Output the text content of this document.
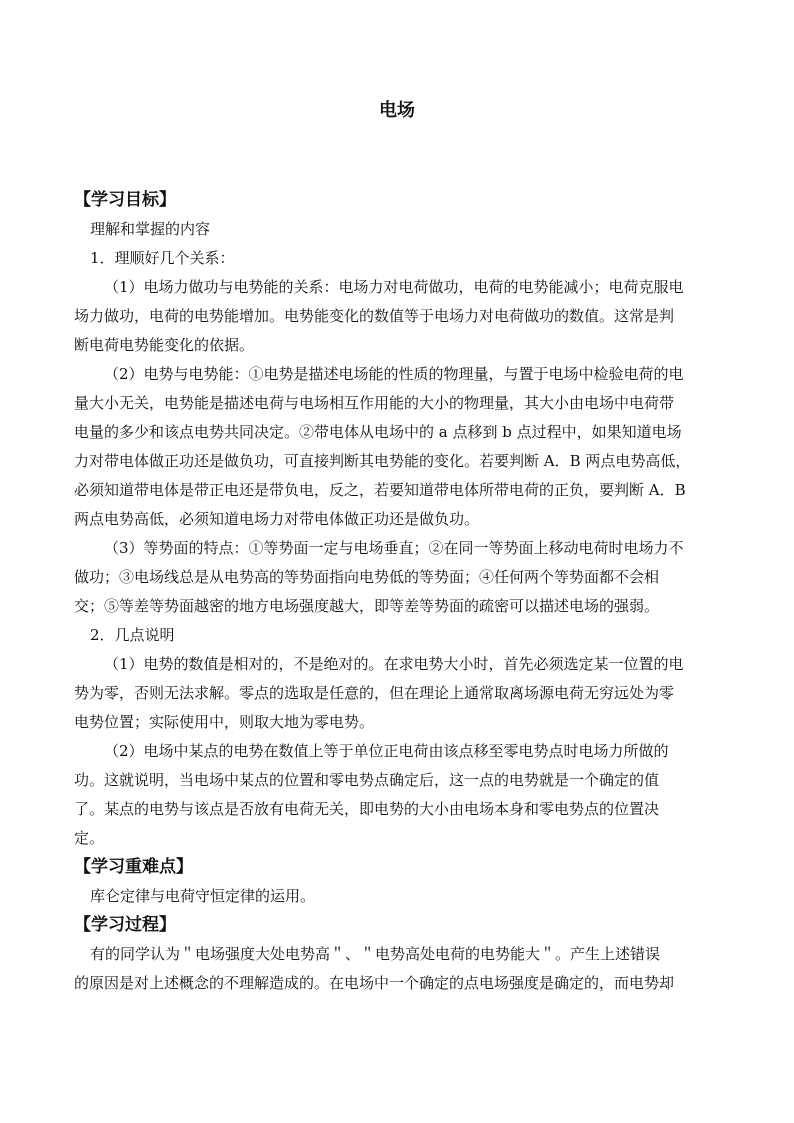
电场

【学习目标】

理解和掌握的内容

1．理顺好几个关系：

（1）电场力做功与电势能的关系：电场力对电荷做功，电荷的电势能减小；电荷克服电

场力做功，电荷的电势能增加。电势能变化的数值等于电场力对电荷做功的数值。这常是判

断电荷电势能变化的依据。

（2）电势与电势能：①电势是描述电场能的性质的物理量，与置于电场中检验电荷的电

量大小无关，电势能是描述电荷与电场相互作用能的大小的物理量，其大小由电场中电荷带

电量的多少和该点电势共同决定。②带电体从电场中的 a 点移到 b 点过程中，如果知道电场

力对带电体做正功还是做负功，可直接判断其电势能的变化。若要判断 A．B 两点电势高低，

必须知道带电体是带正电还是带负电，反之，若要知道带电体所带电荷的正负，要判断 A．B

两点电势高低，必须知道电场力对带电体做正功还是做负功。

（3）等势面的特点：①等势面一定与电场垂直；②在同一等势面上移动电荷时电场力不

做功；③电场线总是从电势高的等势面指向电势低的等势面；④任何两个等势面都不会相

交；⑤等差等势面越密的地方电场强度越大，即等差等势面的疏密可以描述电场的强弱。

2．几点说明

（1）电势的数值是相对的，不是绝对的。在求电势大小时，首先必须选定某一位置的电

势为零，否则无法求解。零点的选取是任意的，但在理论上通常取离场源电荷无穷远处为零

电势位置；实际使用中，则取大地为零电势。

（2）电场中某点的电势在数值上等于单位正电荷由该点移至零电势点时电场力所做的

功。这就说明，当电场中某点的位置和零电势点确定后，这一点的电势就是一个确定的值

了。某点的电势与该点是否放有电荷无关，即电势的大小由电场本身和零电势点的位置决

定。

【学习重难点】

库仑定律与电荷守恒定律的运用。

【学习过程】

有的同学认为＂电场强度大处电势高＂、＂电势高处电荷的电势能大＂。产生上述错误

的原因是对上述概念的不理解造成的。在电场中一个确定的点电场强度是确定的，而电势却
